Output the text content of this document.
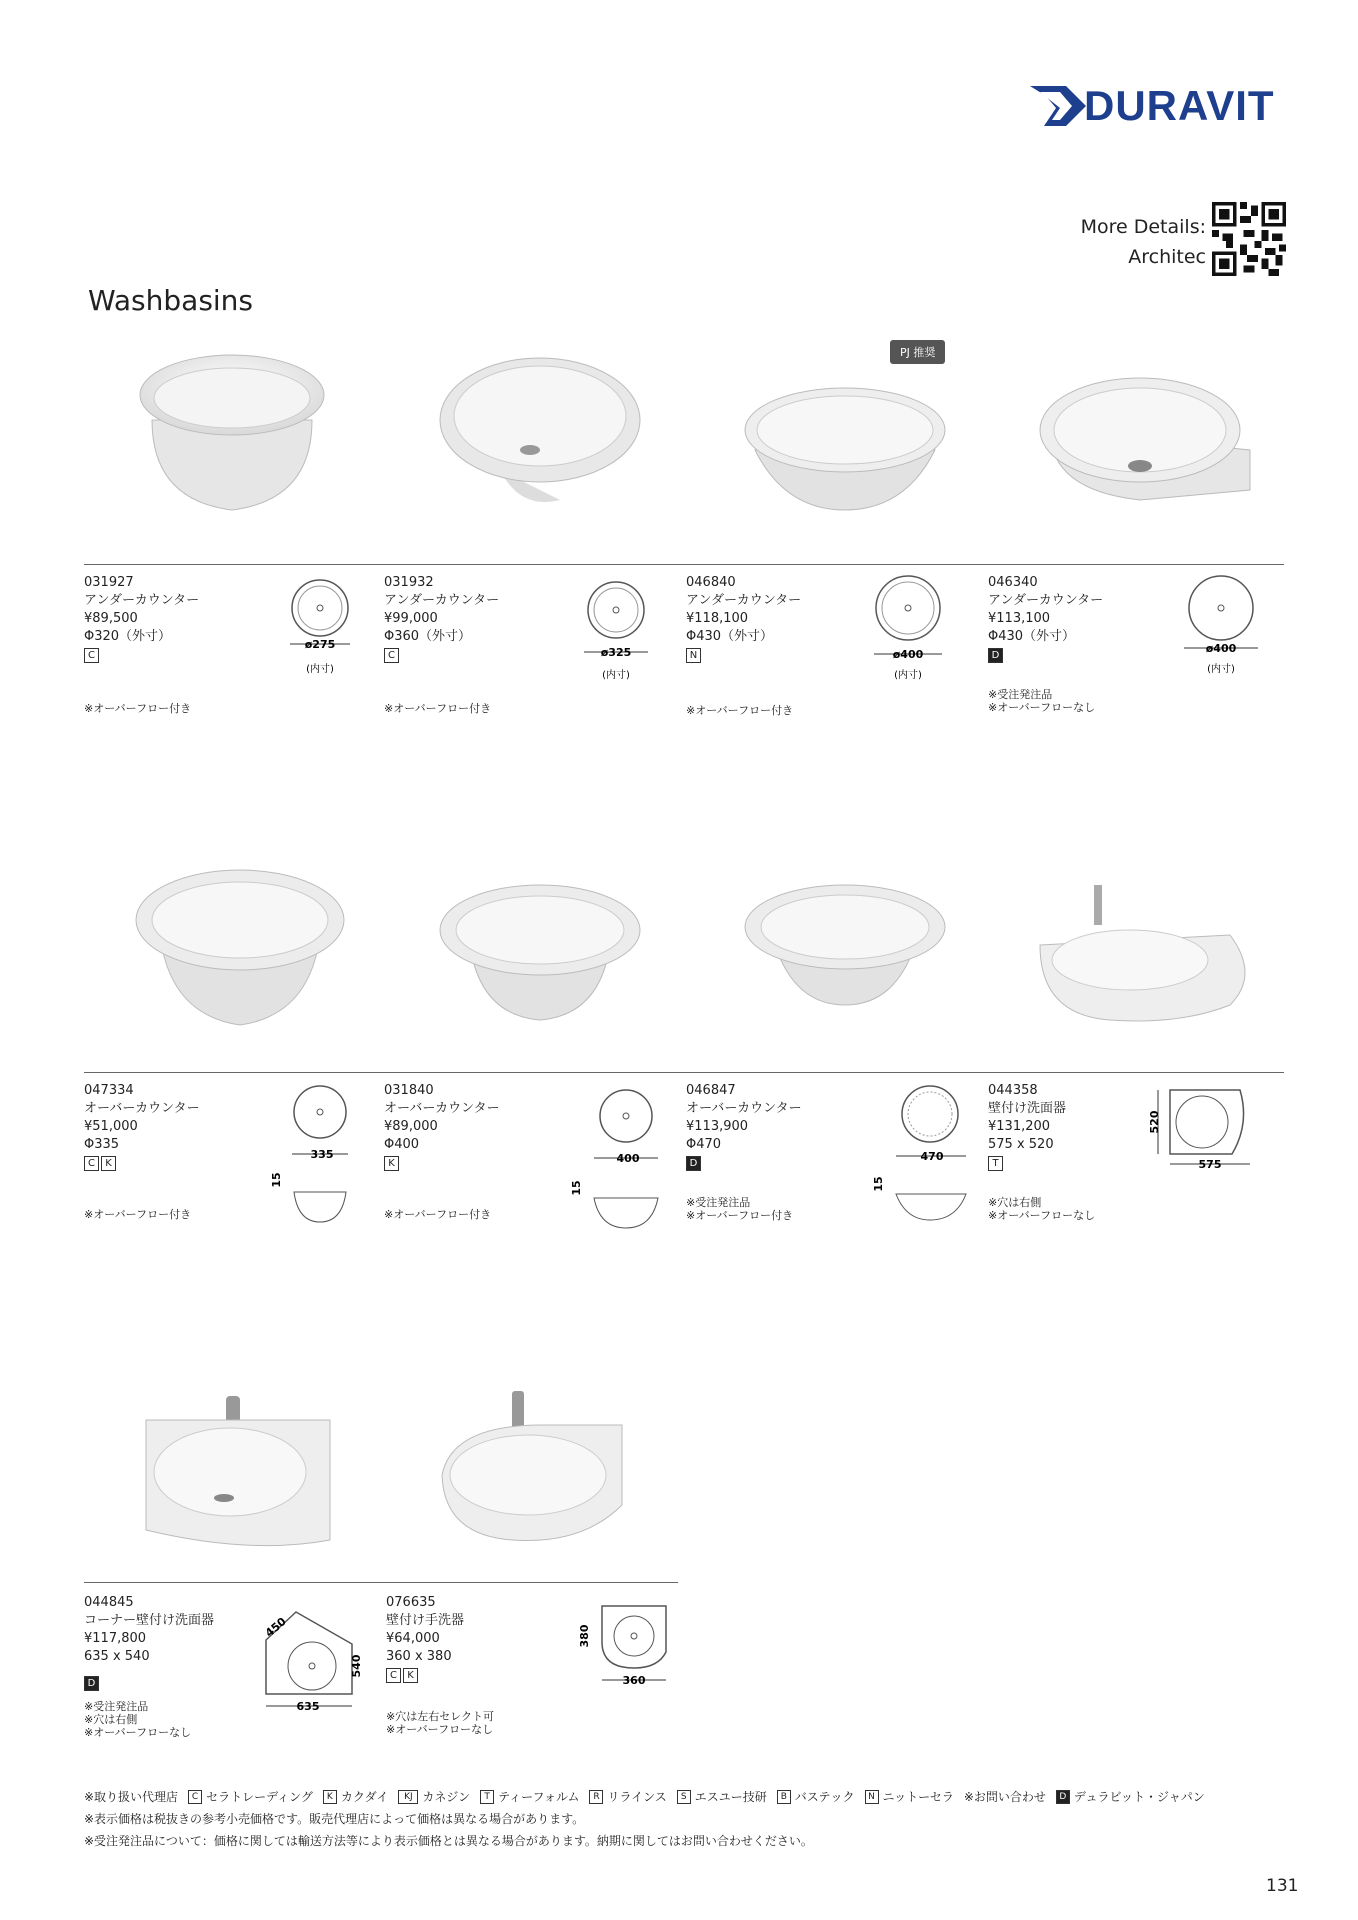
DURAVIT
More Details:
Architec
Washbasins
PJ 推奨
031927
アンダーカウンター
¥89,500
Φ320（外寸）
C
※オーバーフロー付き
ø275
(内寸)
031932
アンダーカウンター
¥99,000
Φ360（外寸）
C
※オーバーフロー付き
ø325
(内寸)
046840
アンダーカウンター
¥118,100
Φ430（外寸）
N
※オーバーフロー付き
ø400
(内寸)
046340
アンダーカウンター
¥113,100
Φ430（外寸）
D
※受注発注品
※オーバーフローなし
ø400
(内寸)
047334
オーバーカウンター
¥51,000
Φ335
C	K
※オーバーフロー付き
335
15
031840
オーバーカウンター
¥89,000
Φ400
K
※オーバーフロー付き
400
15
046847
オーバーカウンター
¥113,900
Φ470
D
※受注発注品
※オーバーフロー付き
470
15
044358
壁付け洗面器
¥131,200
575 x 520
T
※穴は右側
※オーバーフローなし
520
575
044845
コーナー壁付け洗面器
¥117,800
635 x 540
D
※受注発注品
※穴は右側
※オーバーフローなし
450
540
635
076635
壁付け手洗器
¥64,000
360 x 380
C	K
※穴は左右セレクト可
※オーバーフローなし
380
360
※取り扱い代理店	C セラトレーディング	K カクダイ	KJ カネジン	T ティーフォルム	R リラインス	S エスユー技研	B バステック	N ニットーセラ ※お問い合わせ	D デュラビット・ジャパン
※表示価格は税抜きの参考小売価格です。販売代理店によって価格は異なる場合があります。
※受注発注品について：価格に関しては輸送方法等により表示価格とは異なる場合があります。納期に関してはお問い合わせください。
131
